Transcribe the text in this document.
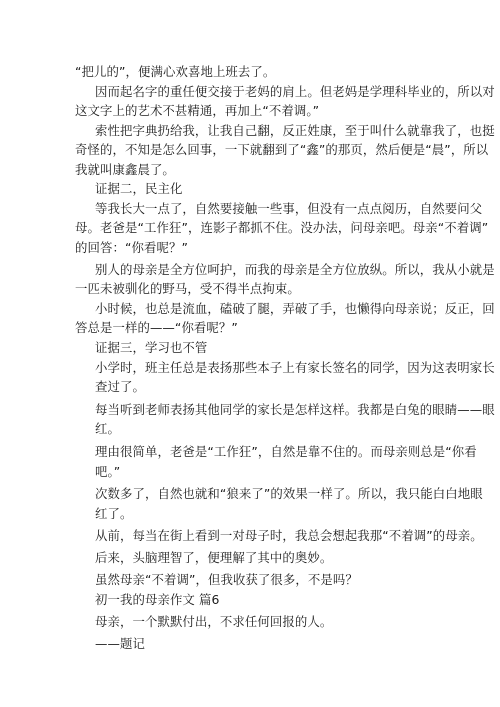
“把儿的”，便满心欢喜地上班去了。
因而起名字的重任便交接于老妈的肩上。但老妈是学理科毕业的，所以对
这文字上的艺术不甚精通，再加上“不着调。”
索性把字典扔给我，让我自己翻，反正姓康，至于叫什么就靠我了，也挺
奇怪的，不知是怎么回事，一下就翻到了“鑫”的那页，然后便是“晨”，所以
我就叫康鑫晨了。
证据二，民主化
等我长大一点了，自然要接触一些事，但没有一点点阅历，自然要问父
母。老爸是“工作狂”，连影子都抓不住。没办法，问母亲吧。母亲“不着调”
的回答：“你看呢？”
别人的母亲是全方位呵护，而我的母亲是全方位放纵。所以，我从小就是
一匹未被驯化的野马，受不得半点拘束。
小时候，也总是流血，磕破了腿，弄破了手，也懒得向母亲说；反正，回
答总是一样的——“你看呢？”
证据三，学习也不管
小学时，班主任总是表扬那些本子上有家长签名的同学，因为这表明家长
查过了。
每当听到老师表扬其他同学的家长是怎样这样。我都是白兔的眼睛——眼
红。
理由很简单，老爸是“工作狂”，自然是靠不住的。而母亲则总是“你看
吧。”
次数多了，自然也就和“狼来了”的效果一样了。所以，我只能白白地眼
红了。
从前，每当在街上看到一对母子时，我总会想起我那“不着调”的母亲。
后来，头脑理智了，便理解了其中的奥妙。
虽然母亲“不着调”，但我收获了很多，不是吗？
初一我的母亲作文 篇6
母亲，一个默默付出，不求任何回报的人。
——题记
